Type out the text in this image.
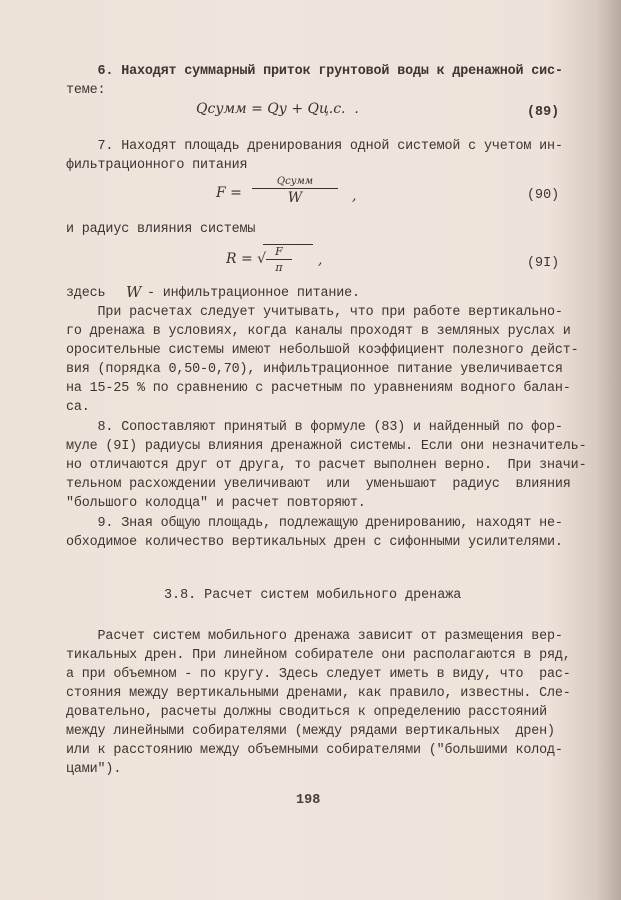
6. Находят суммарный приток грунтовой воды к дренажной сис-
теме:
Qсумм = Qу + Qц.с.  .	(89)
7. Находят площадь дренирования одной системой с учетом ин-
фильтрационного питания
F =
Qсумм
W	,	(90)
и радиус влияния системы
R = √ F
π	,	(9I)
здесь W - инфильтрационное питание.
При расчетах следует учитывать, что при работе вертикально-
го дренажа в условиях, когда каналы проходят в земляных руслах и
оросительные системы имеют небольшой коэффициент полезного дейст-
вия (порядка 0,50-0,70), инфильтрационное питание увеличивается
на 15-25 % по сравнению с расчетным по уравнениям водного балан-
са.
8. Сопоставляют принятый в формуле (83) и найденный по фор-
муле (9I) радиусы влияния дренажной системы. Если они незначитель-
но отличаются друг от друга, то расчет выполнен верно.  При значи-
тельном расхождении увеличивают  или  уменьшают  радиус  влияния
"большого колодца" и расчет повторяют.
9. Зная общую площадь, подлежащую дренированию, находят не-
обходимое количество вертикальных дрен с сифонными усилителями.
3.8. Расчет систем мобильного дренажа
Расчет систем мобильного дренажа зависит от размещения вер-
тикальных дрен. При линейном собирателе они располагаются в ряд,
а при объемном - по кругу. Здесь следует иметь в виду, что  рас-
стояния между вертикальными дренами, как правило, известны. Сле-
довательно, расчеты должны сводиться к определению расстояний
между линейными собирателями (между рядами вертикальных  дрен)
или к расстоянию между объемными собирателями ("большими колод-
цами").
198
